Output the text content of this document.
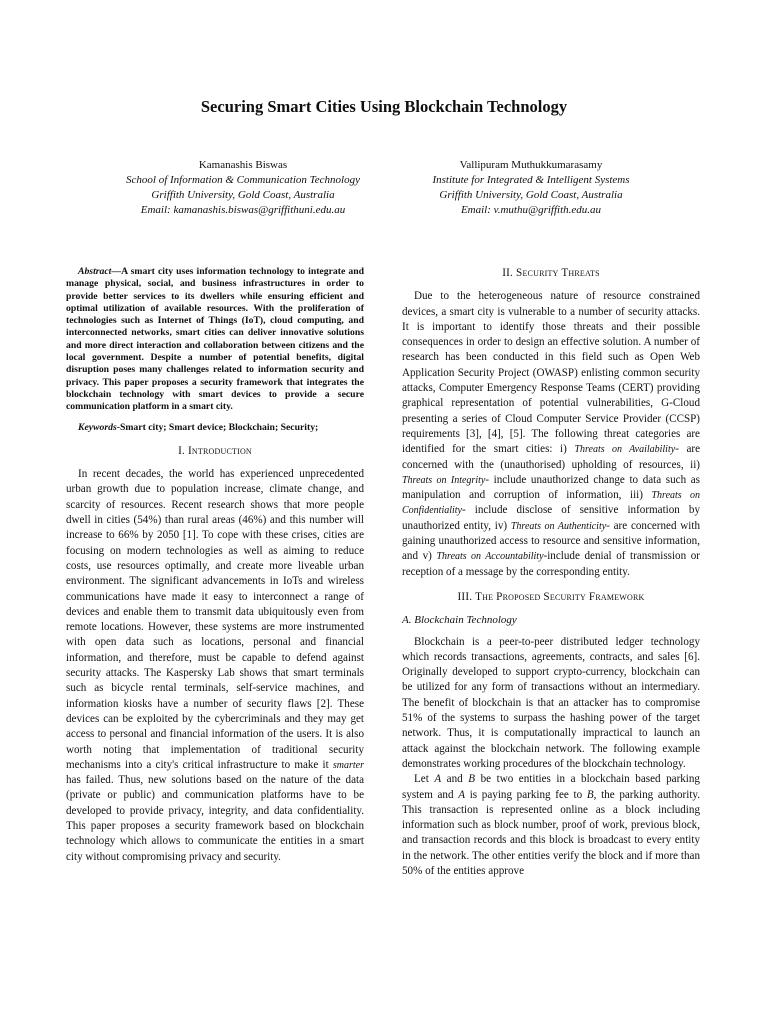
Securing Smart Cities Using Blockchain Technology
Kamanashis Biswas
School of Information & Communication Technology
Griffith University, Gold Coast, Australia
Email: kamanashis.biswas@griffithuni.edu.au
Vallipuram Muthukkumarasamy
Institute for Integrated & Intelligent Systems
Griffith University, Gold Coast, Australia
Email: v.muthu@griffith.edu.au

Abstract—A smart city uses information technology to integrate and manage physical, social, and business infrastructures in order to provide better services to its dwellers while ensuring efficient and optimal utilization of available resources. With the proliferation of technologies such as Internet of Things (IoT), cloud computing, and interconnected networks, smart cities can deliver innovative solutions and more direct interaction and collaboration between citizens and the local government. Despite a number of potential benefits, digital disruption poses many challenges related to information security and privacy. This paper proposes a security framework that integrates the blockchain technology with smart devices to provide a secure communication platform in a smart city.

Keywords-Smart city; Smart device; Blockchain; Security;

I. Introduction

In recent decades, the world has experienced unprecedented urban growth due to population increase, climate change, and scarcity of resources. Recent research shows that more people dwell in cities (54%) than rural areas (46%) and this number will increase to 66% by 2050 [1]. To cope with these crises, cities are focusing on modern technologies as well as aiming to reduce costs, use resources optimally, and create more liveable urban environment. The significant advancements in IoTs and wireless communications have made it easy to interconnect a range of devices and enable them to transmit data ubiquitously even from remote locations. However, these systems are more instrumented with open data such as locations, personal and financial information, and therefore, must be capable to defend against security attacks. The Kaspersky Lab shows that smart terminals such as bicycle rental terminals, self-service machines, and information kiosks have a number of security flaws [2]. These devices can be exploited by the cybercriminals and they may get access to personal and financial information of the users. It is also worth noting that implementation of traditional security mechanisms into a city's critical infrastructure to make it smarter has failed. Thus, new solutions based on the nature of the data (private or public) and communication platforms have to be developed to provide privacy, integrity, and data confidentiality. This paper proposes a security framework based on blockchain technology which allows to communicate the entities in a smart city without compromising privacy and security.

II. Security Threats

Due to the heterogeneous nature of resource constrained devices, a smart city is vulnerable to a number of security attacks. It is important to identify those threats and their possible consequences in order to design an effective solution. A number of research has been conducted in this field such as Open Web Application Security Project (OWASP) enlisting common security attacks, Computer Emergency Response Teams (CERT) providing graphical representation of potential vulnerabilities, G-Cloud presenting a series of Cloud Computer Service Provider (CCSP) requirements [3], [4], [5]. The following threat categories are identified for the smart cities: i) Threats on Availability- are concerned with the (unauthorised) upholding of resources, ii) Threats on Integrity- include unauthorized change to data such as manipulation and corruption of information, iii) Threats on Confidentiality- include disclose of sensitive information by unauthorized entity, iv) Threats on Authenticity- are concerned with gaining unauthorized access to resource and sensitive information, and v) Threats on Accountability-include denial of transmission or reception of a message by the corresponding entity.

III. The Proposed Security Framework
A. Blockchain Technology

Blockchain is a peer-to-peer distributed ledger technology which records transactions, agreements, contracts, and sales [6]. Originally developed to support crypto-currency, blockchain can be utilized for any form of transactions without an intermediary. The benefit of blockchain is that an attacker has to compromise 51% of the systems to surpass the hashing power of the target network. Thus, it is computationally impractical to launch an attack against the blockchain network. The following example demonstrates working procedures of the blockchain technology.

Let A and B be two entities in a blockchain based parking system and A is paying parking fee to B, the parking authority. This transaction is represented online as a block including information such as block number, proof of work, previous block, and transaction records and this block is broadcast to every entity in the network. The other entities verify the block and if more than 50% of the entities approve
